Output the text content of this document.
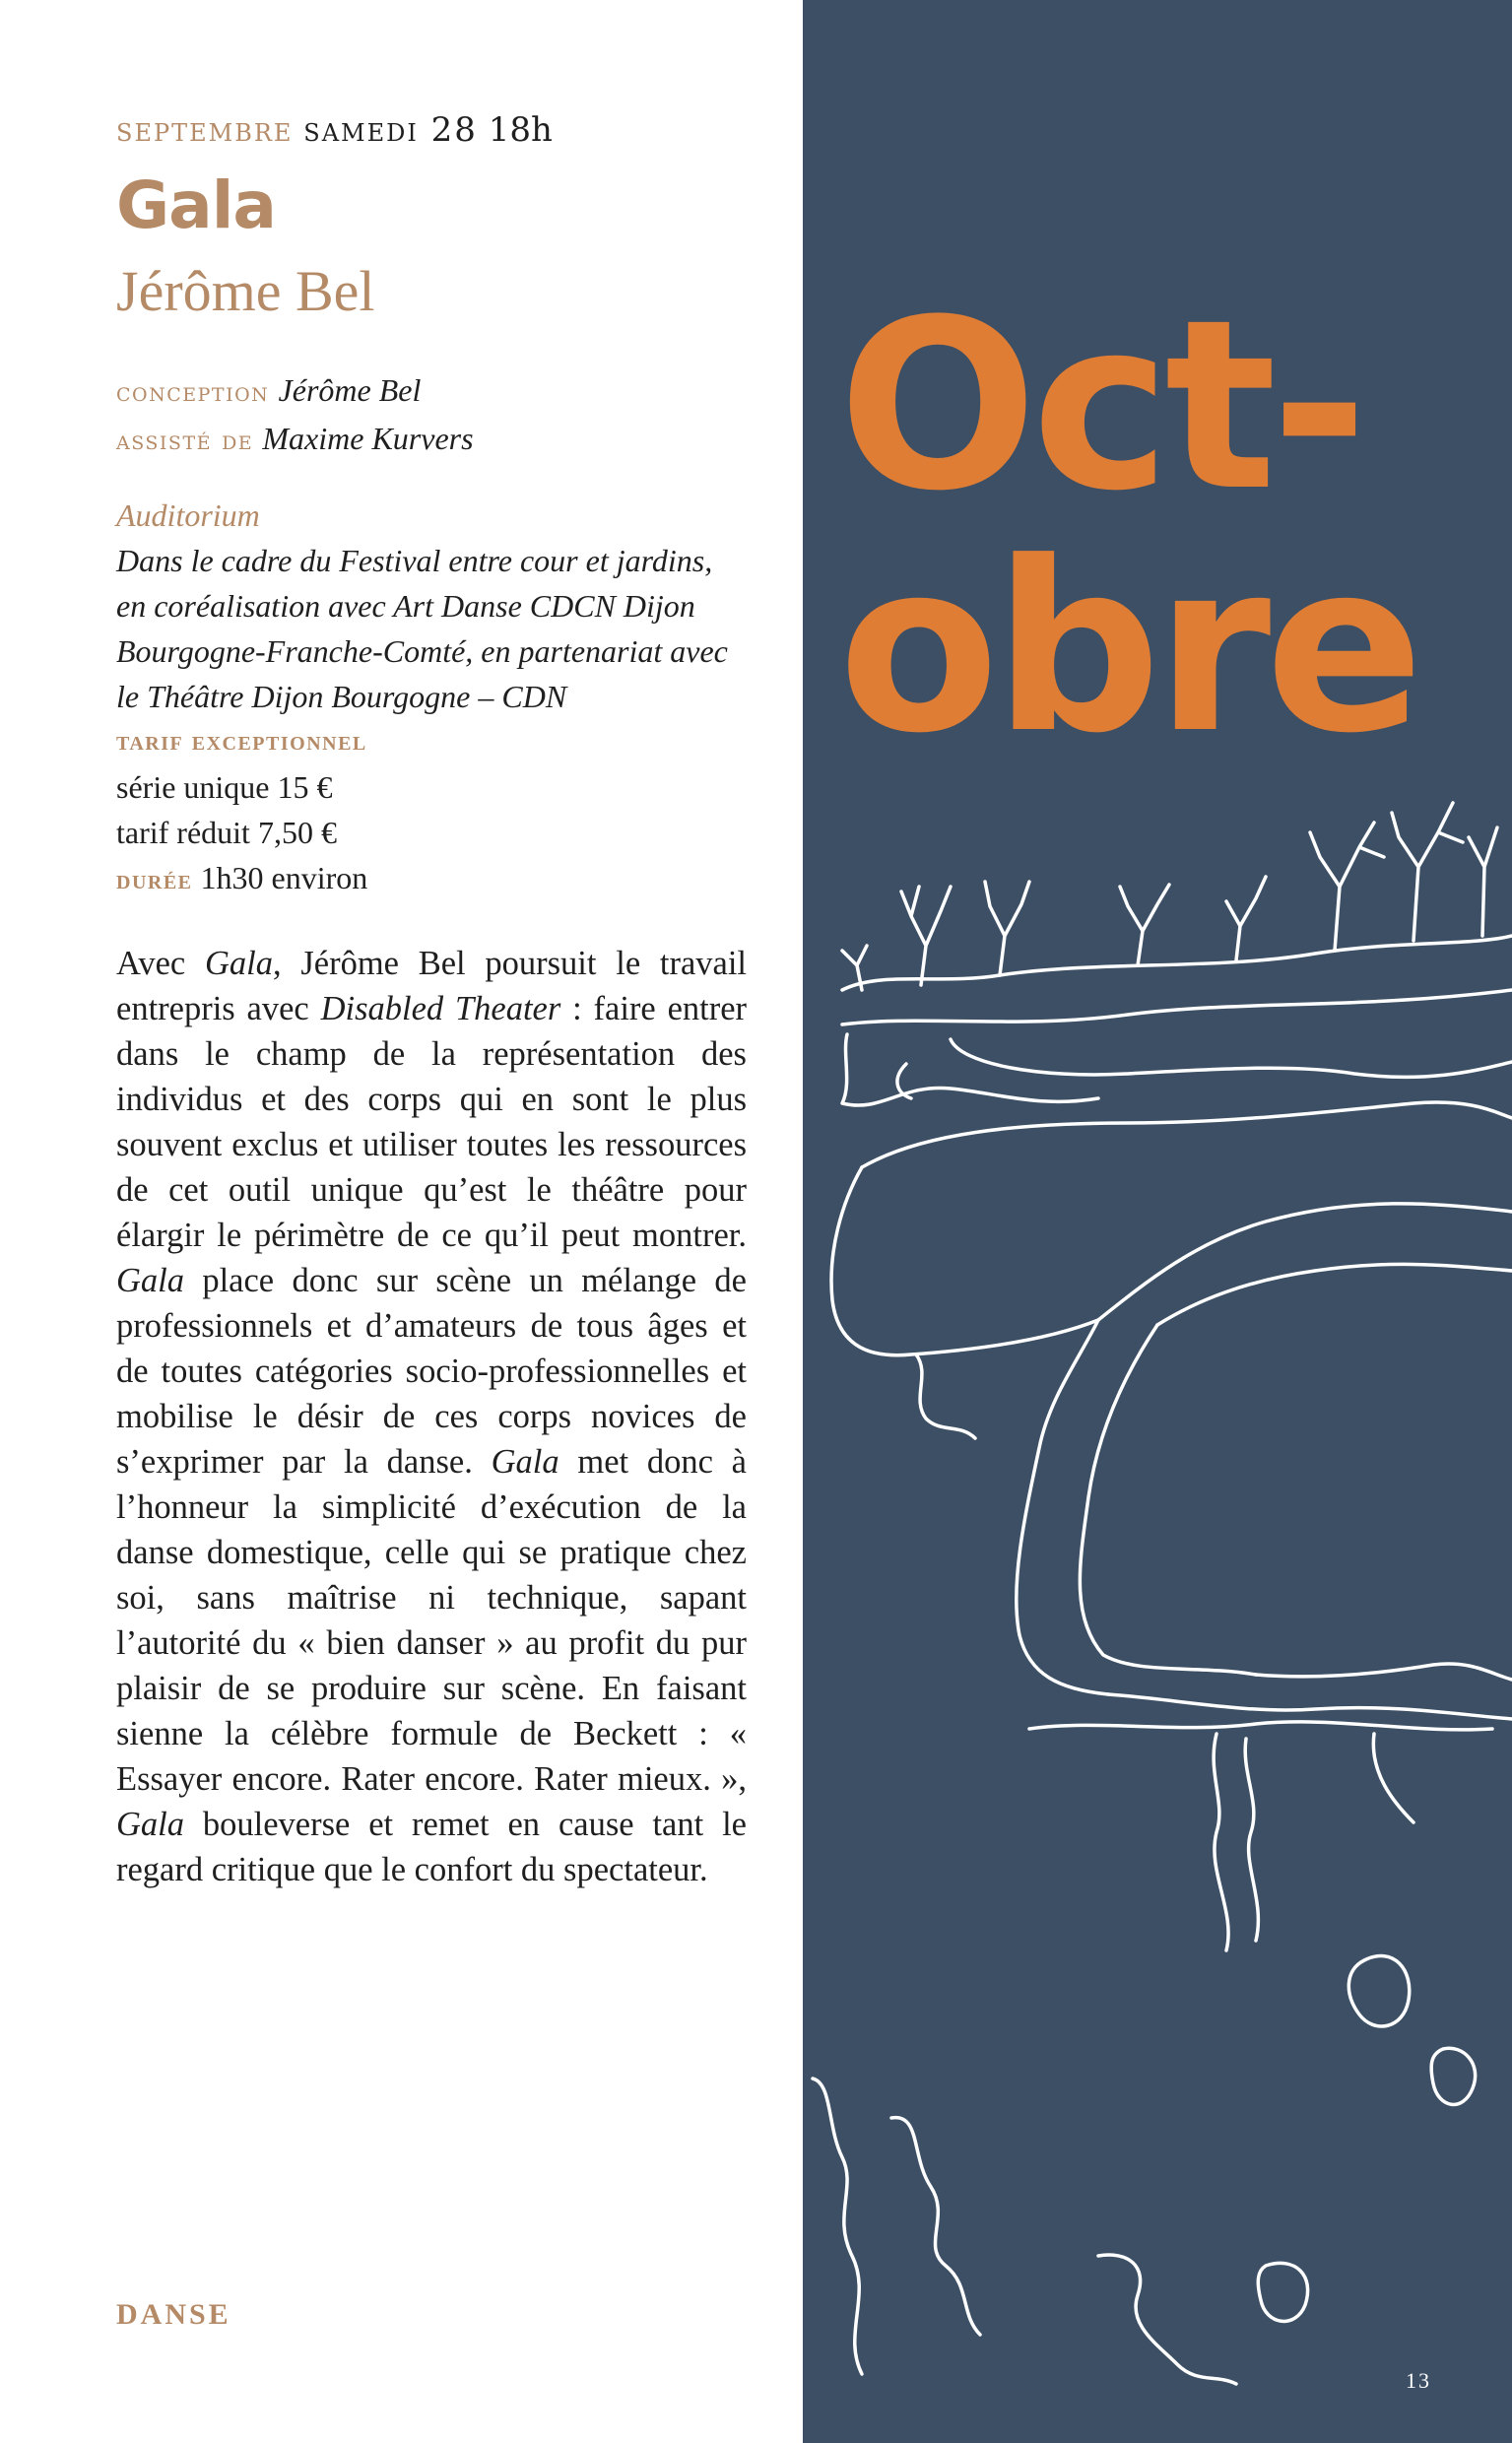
septembre samedi 28 18h
Gala
Jérôme Bel
conception Jérôme Bel
assisté de Maxime Kurvers
Auditorium
Dans le cadre du Festival entre cour et jardins, en coréalisation avec Art Danse CDCN Dijon Bourgogne-Franche-Comté, en partenariat avec le Théâtre Dijon Bourgogne – CDN
tarif exceptionnel
série unique 15 €
tarif réduit 7,50 €
durée 1h30 environ
Avec Gala, Jérôme Bel poursuit le travail entrepris avec Disabled Theater : faire entrer dans le champ de la représentation des individus et des corps qui en sont le plus souvent exclus et utiliser toutes les ressources de cet outil unique qu’est le théâtre pour élargir le périmètre de ce qu’il peut montrer. Gala place donc sur scène un mélange de professionnels et d’amateurs de tous âges et de toutes catégories socio-professionnelles et mobilise le désir de ces corps novices de s’exprimer par la danse. Gala met donc à l’honneur la simplicité d’exécution de la danse domestique, celle qui se pratique chez soi, sans maîtrise ni technique, sapant l’autorité du « bien danser » au profit du pur plaisir de se produire sur scène. En faisant sienne la célèbre formule de Beckett : « Essayer encore. Rater encore. Rater mieux. », Gala bouleverse et remet en cause tant le regard critique que le confort du spectateur.
DANSE
Oct-
obre
13
